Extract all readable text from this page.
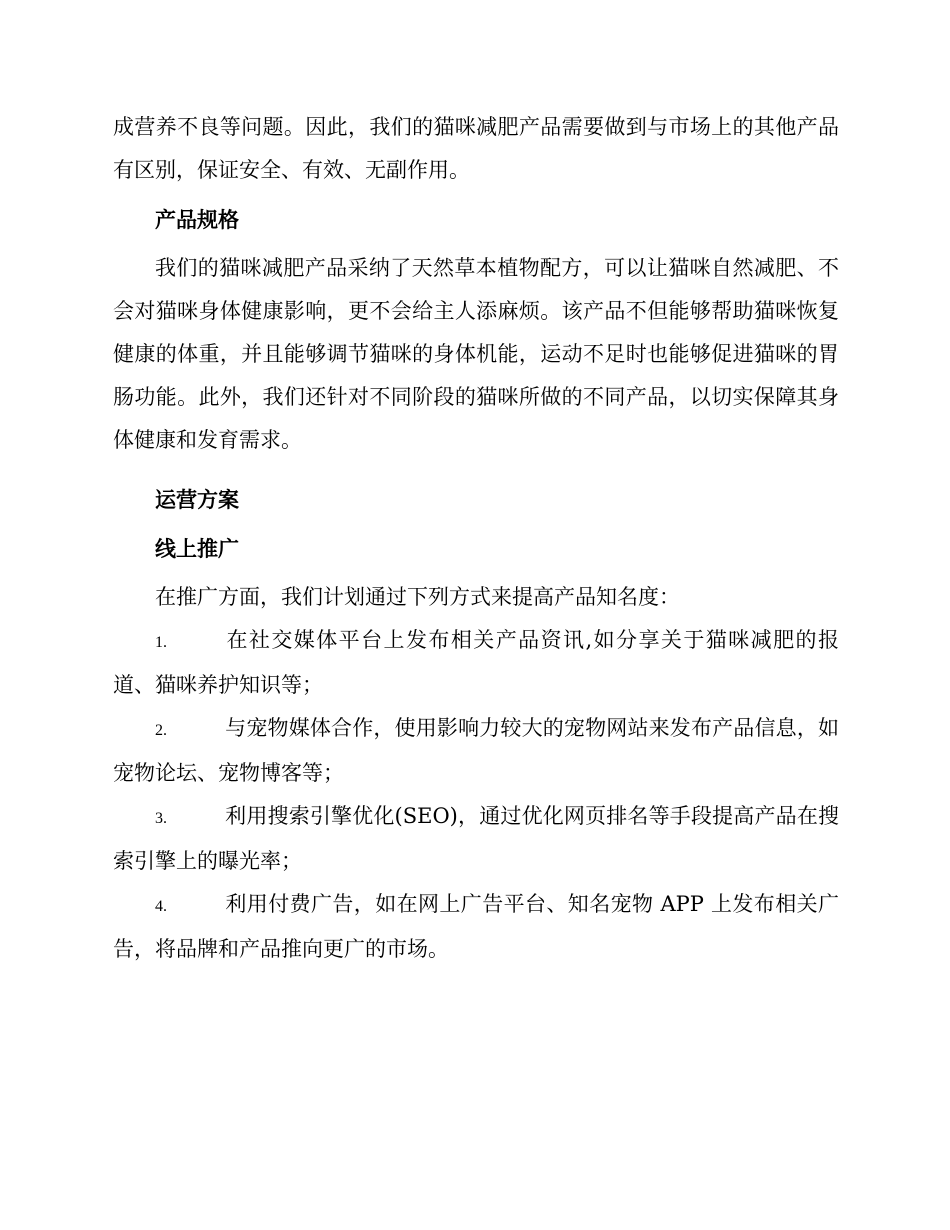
成营养不良等问题。因此，我们的猫咪减肥产品需要做到与市场上的其他产品有区别，保证安全、有效、无副作用。

产品规格

我们的猫咪减肥产品采纳了天然草本植物配方，可以让猫咪自然减肥、不会对猫咪身体健康影响，更不会给主人添麻烦。该产品不但能够帮助猫咪恢复健康的体重，并且能够调节猫咪的身体机能，运动不足时也能够促进猫咪的胃肠功能。此外，我们还针对不同阶段的猫咪所做的不同产品，以切实保障其身体健康和发育需求。

运营方案
线上推广

在推广方面，我们计划通过下列方式来提高产品知名度：

1.	在社交媒体平台上发布相关产品资讯,如分享关于猫咪减肥的报道、猫咪养护知识等；

2.	与宠物媒体合作，使用影响力较大的宠物网站来发布产品信息，如宠物论坛、宠物博客等；

3.	利用搜索引擎优化(SEO)，通过优化网页排名等手段提高产品在搜索引擎上的曝光率；

4.	利用付费广告，如在网上广告平台、知名宠物 APP 上发布相关广告，将品牌和产品推向更广的市场。
